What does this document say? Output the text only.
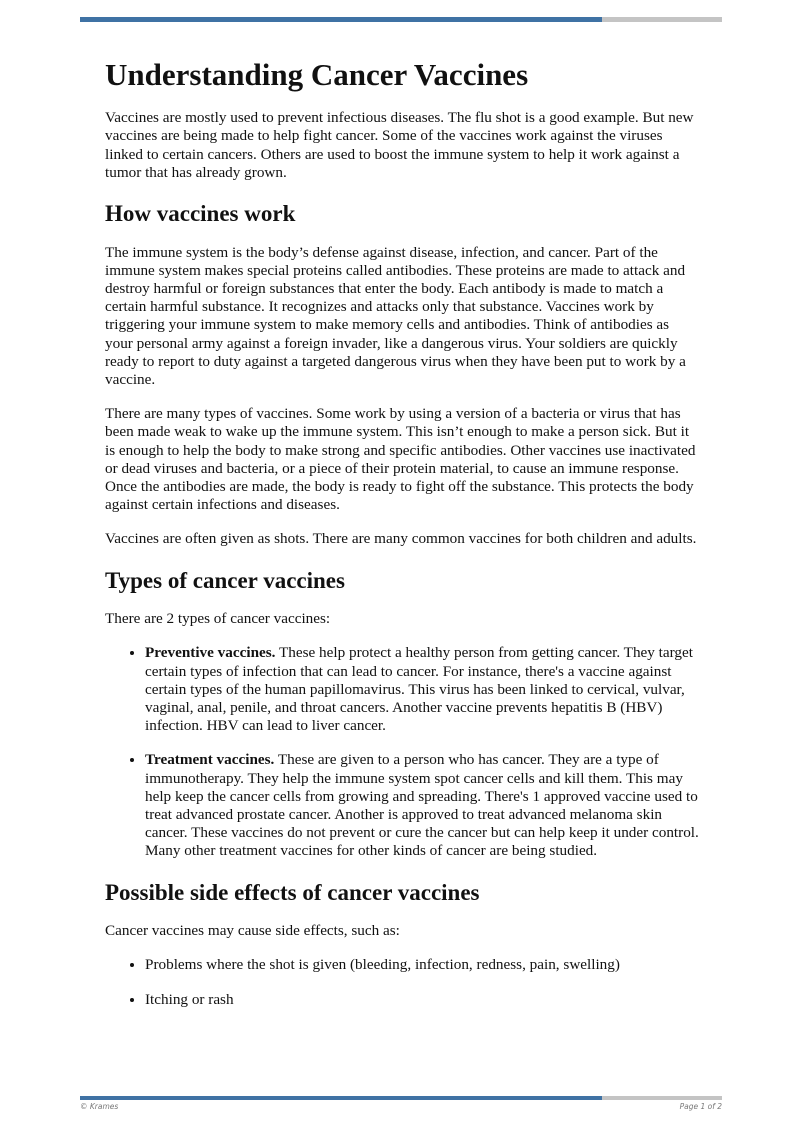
Understanding Cancer Vaccines

Vaccines are mostly used to prevent infectious diseases. The flu shot is a good example. But new vaccines are being made to help fight cancer. Some of the vaccines work against the viruses linked to certain cancers. Others are used to boost the immune system to help it work against a tumor that has already grown.

How vaccines work

The immune system is the body’s defense against disease, infection, and cancer. Part of the immune system makes special proteins called antibodies. These proteins are made to attack and destroy harmful or foreign substances that enter the body. Each antibody is made to match a certain harmful substance. It recognizes and attacks only that substance. Vaccines work by triggering your immune system to make memory cells and antibodies. Think of antibodies as your personal army against a foreign invader, like a dangerous virus. Your soldiers are quickly ready to report to duty against a targeted dangerous virus when they have been put to work by a vaccine.

There are many types of vaccines. Some work by using a version of a bacteria or virus that has been made weak to wake up the immune system. This isn’t enough to make a person sick. But it is enough to help the body to make strong and specific antibodies. Other vaccines use inactivated or dead viruses and bacteria, or a piece of their protein material, to cause an immune response. Once the antibodies are made, the body is ready to fight off the substance. This protects the body against certain infections and diseases.

Vaccines are often given as shots. There are many common vaccines for both children and adults.

Types of cancer vaccines

There are 2 types of cancer vaccines:

• Preventive vaccines. These help protect a healthy person from getting cancer. They target certain types of infection that can lead to cancer. For instance, there's a vaccine against certain types of the human papillomavirus. This virus has been linked to cervical, vulvar, vaginal, anal, penile, and throat cancers. Another vaccine prevents hepatitis B (HBV) infection. HBV can lead to liver cancer.
• Treatment vaccines. These are given to a person who has cancer. They are a type of immunotherapy. They help the immune system spot cancer cells and kill them. This may help keep the cancer cells from growing and spreading. There's 1 approved vaccine used to treat advanced prostate cancer. Another is approved to treat advanced melanoma skin cancer. These vaccines do not prevent or cure the cancer but can help keep it under control. Many other treatment vaccines for other kinds of cancer are being studied.
Possible side effects of cancer vaccines

Cancer vaccines may cause side effects, such as:

• Problems where the shot is given (bleeding, infection, redness, pain, swelling)
• Itching or rash
© Krames	Page 1 of 2
